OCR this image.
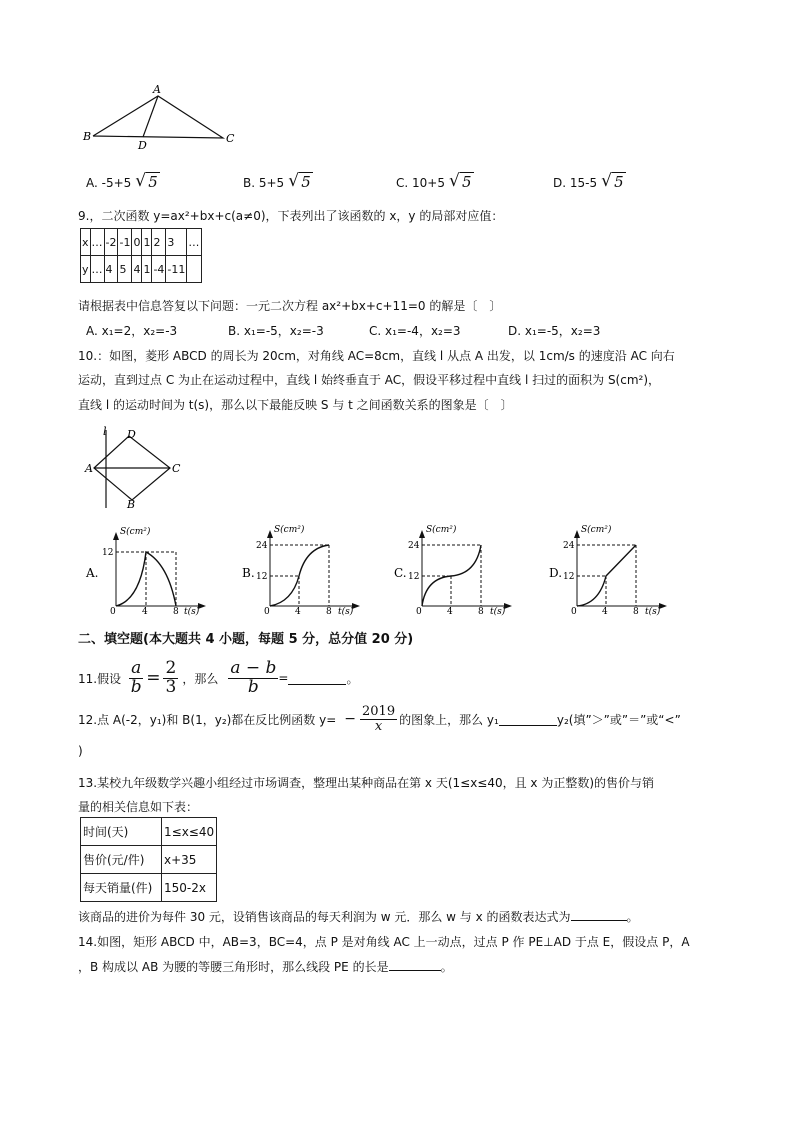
A
B	C
D
A. -5+5 √ 5	B. 5+5 √ 5	C. 10+5 √ 5	D. 15-5 √ 5
9.，二次函数 y=ax²+bx+c(a≠0)，下表列出了该函数的 x，y 的局部对应值：
x	…	-2	-1	0	1	2	3	…
y	…	4	5	4	1	-4	-11	
请根据表中信息答复以下问题：一元二次方程 ax²+bx+c+11=0 的解是〔　〕
A. x₁=2，x₂=-3	B. x₁=-5，x₂=-3	C. x₁=-4，x₂=3	D. x₁=-5，x₂=3
10.：如图，菱形 ABCD 的周长为 20cm，对角线 AC=8cm，直线 l 从点 A 出发，以 1cm/s 的速度沿 AC 向右
运动，直到过点 C 为止在运动过程中，直线 l 始终垂直于 AC，假设平移过程中直线 l 扫过的面积为 S(cm²)，
直线 l 的运动时间为 t(s)，那么以下最能反映 S 与 t 之间函数关系的图象是〔　〕
l D
A	C
B
A.
S(cm²)
t(s)
12
0	4	8
B.
S(cm²)
t(s)
24
12
0	4	8
C.
S(cm²)
t(s)
24
12
0	4	8
D.
S(cm²)
t(s)
24
12
0	4	8
二、填空题(本大题共 4 小题，每题 5 分，总分值 20 分)
11.假设 $\frac{a}{b} = \frac{2}{3}$ ，那么 $\frac{a - b}{b}$ =	。
12.点 A(-2，y₁)和 B(1，y₂)都在反比例函数 $y= - \frac{2019}{x}$ 的图象上，那么 y₁	y₂(填”＞”或”＝”或“<”
)
13.某校九年级数学兴趣小组经过市场调查，整理出某种商品在第 x 天(1≤x≤40，且 x 为正整数)的售价与销
量的相关信息如下表：
时间(天)	1≤x≤40
售价(元/件)	x+35
每天销量(件)	150-2x
该商品的进价为每件 30 元，设销售该商品的每天利润为 w 元．那么 w 与 x 的函数表达式为	。
14.如图，矩形 ABCD 中，AB=3，BC=4，点 P 是对角线 AC 上一动点，过点 P 作 PE⊥AD 于点 E，假设点 P，A
，B 构成以 AB 为腰的等腰三角形时，那么线段 PE 的长是	。
